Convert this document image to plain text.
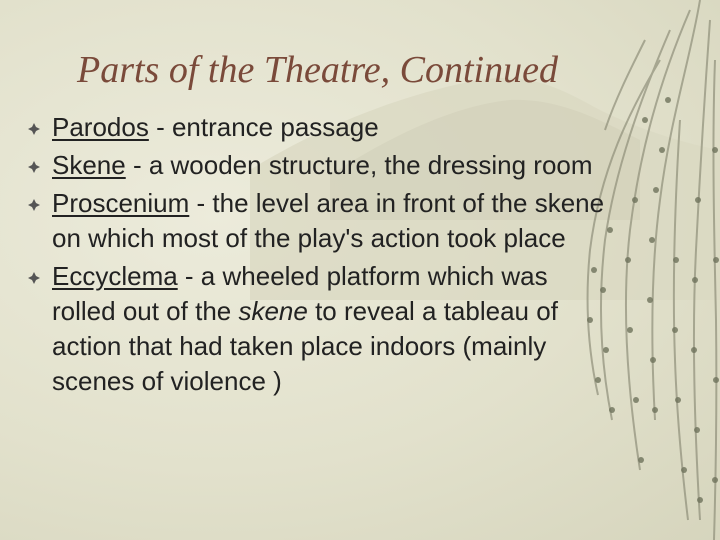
Parts of the Theatre, Continued
Parodos - entrance passage
Skene - a wooden structure, the dressing room
Proscenium - the level area in front of the skene on which most of the play's action took place
Eccyclema - a wheeled platform which was rolled out of the skene to reveal a tableau of action that had taken place indoors (mainly scenes of violence )
